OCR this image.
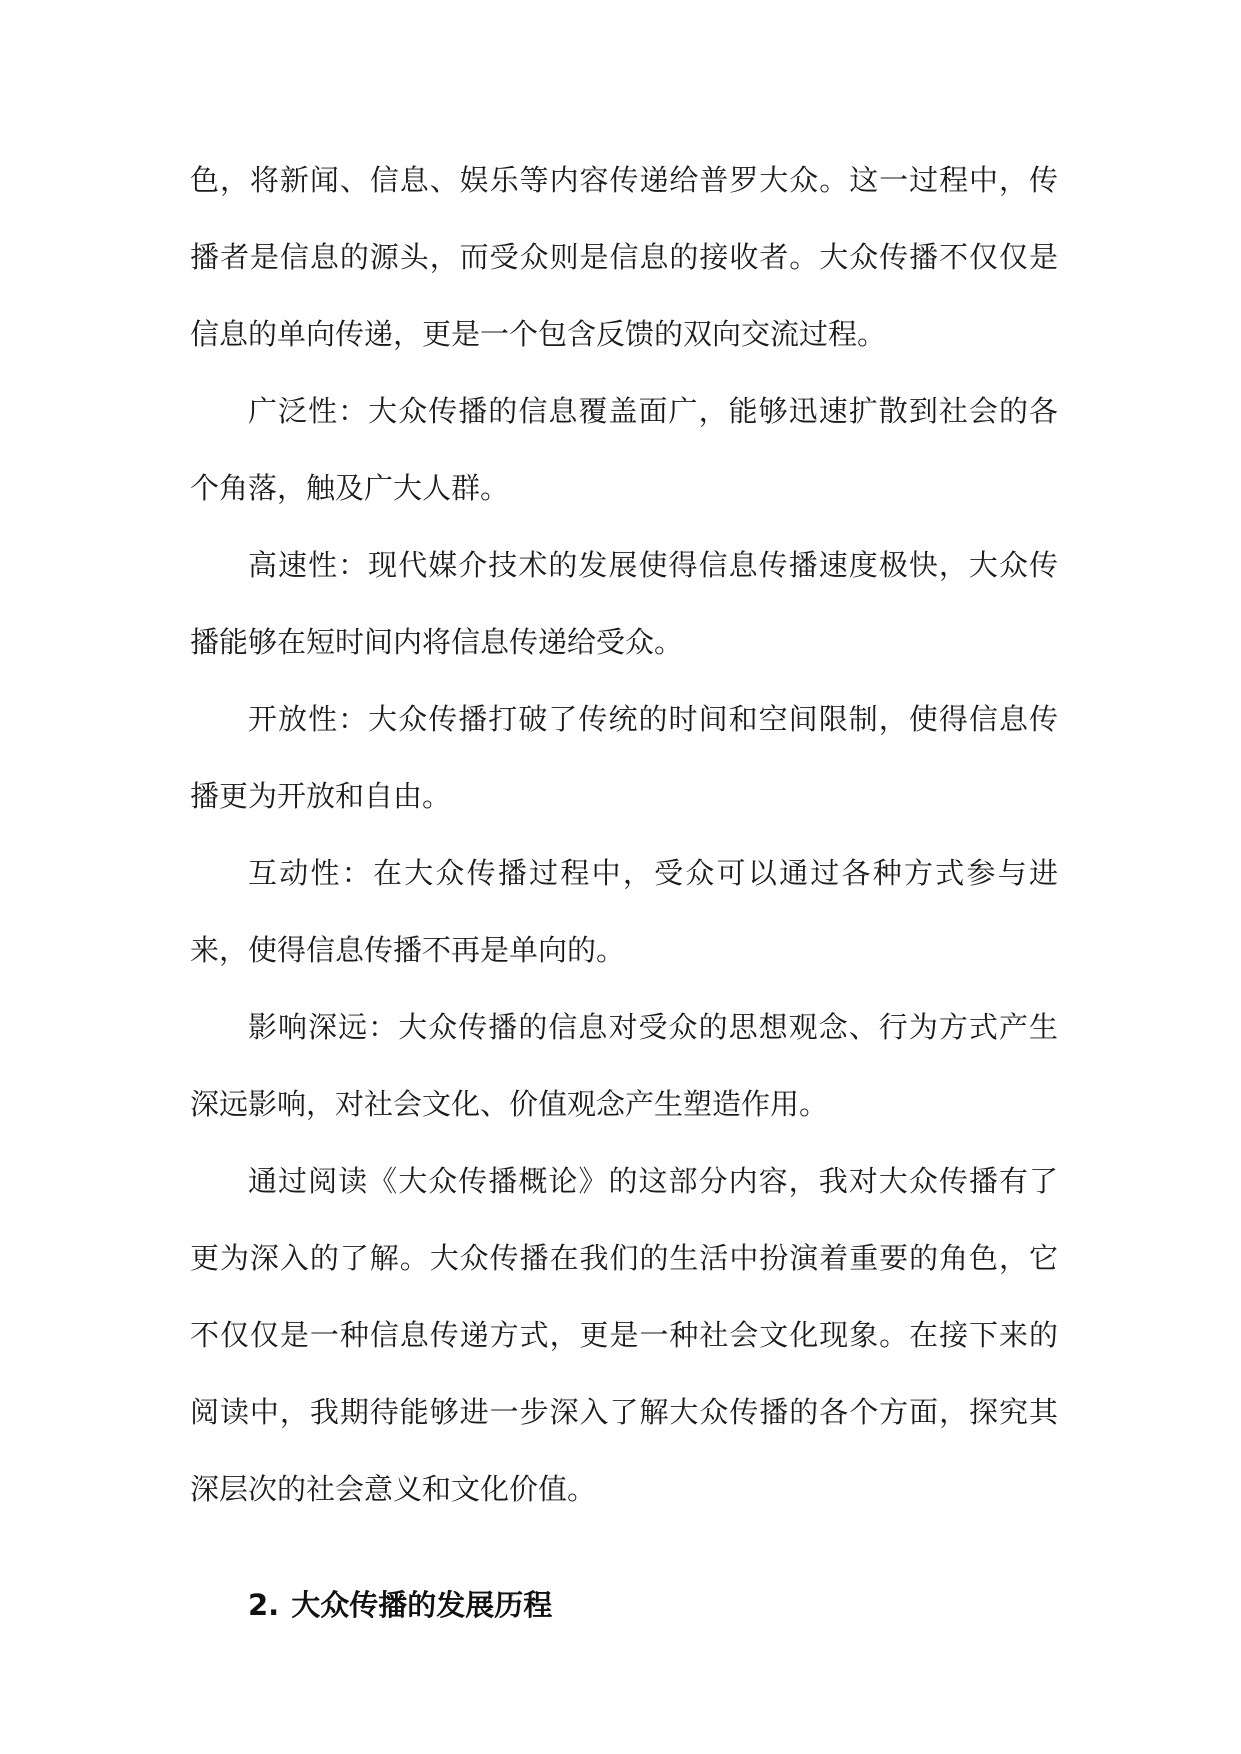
色，将新闻、信息、娱乐等内容传递给普罗大众。这一过程中，传播者是信息的源头，而受众则是信息的接收者。大众传播不仅仅是信息的单向传递，更是一个包含反馈的双向交流过程。

广泛性：大众传播的信息覆盖面广，能够迅速扩散到社会的各个角落，触及广大人群。

高速性：现代媒介技术的发展使得信息传播速度极快，大众传播能够在短时间内将信息传递给受众。

开放性：大众传播打破了传统的时间和空间限制，使得信息传播更为开放和自由。

互动性：在大众传播过程中，受众可以通过各种方式参与进来，使得信息传播不再是单向的。

影响深远：大众传播的信息对受众的思想观念、行为方式产生深远影响，对社会文化、价值观念产生塑造作用。

通过阅读《大众传播概论》的这部分内容，我对大众传播有了更为深入的了解。大众传播在我们的生活中扮演着重要的角色，它不仅仅是一种信息传递方式，更是一种社会文化现象。在接下来的阅读中，我期待能够进一步深入了解大众传播的各个方面，探究其深层次的社会意义和文化价值。

2. 大众传播的发展历程
